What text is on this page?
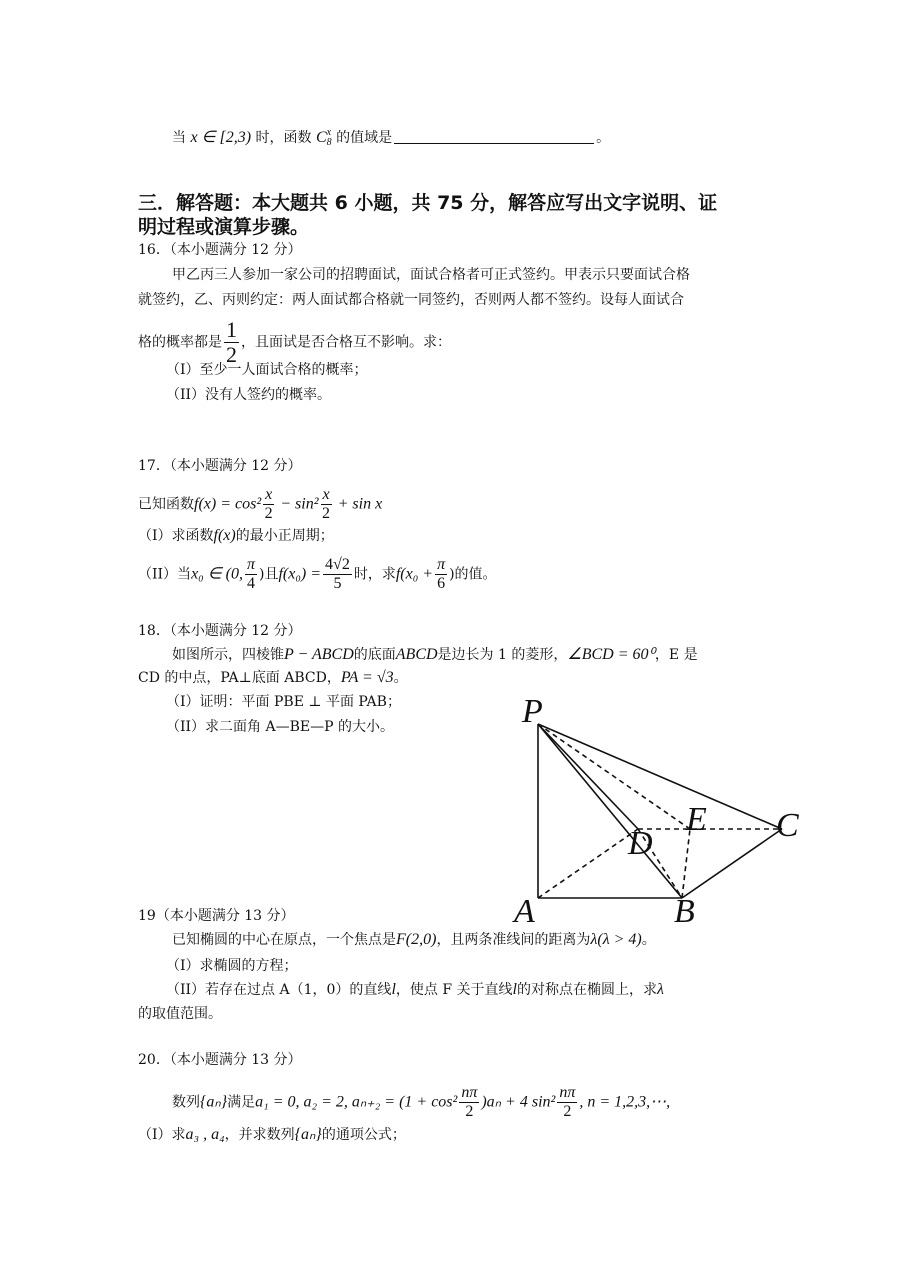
当 x ∈ [2,3) 时，函数 C x
8 的值域是	。
三．解答题：本大题共 6 小题，共 75 分，解答应写出文字说明、证
明过程或演算步骤。
16．（本小题满分 12 分）
甲乙丙三人参加一家公司的招聘面试，面试合格者可正式签约。甲表示只要面试合格
就签约，乙、丙则约定：两人面试都合格就一同签约，否则两人都不签约。设每人面试合
格的概率都是 $\frac{1}{2}$ ，且面试是否合格互不影响。求：
（I）至少一人面试合格的概率；
（II）没有人签约的概率。
17．（本小题满分 12 分）
已知函数$f(x) = \cos^2 \frac{x}{2} - \sin^2 \frac{x}{2} + \sin x$
（I）求函数f(x)的最小正周期；
（II）当x₀ ∈ (0, $\frac{\pi}{4}$ )且$f(x_0) = \frac{4√2}{5}$ 时，求$f(x_0 + \frac{\pi}{6}$ )的值。
18．（本小题满分 12 分）
如图所示，四棱锥P − ABCD的底面ABCD是边长为 1 的菱形，∠BCD = 60⁰，E 是
CD 的中点，PA⊥底面 ABCD，PA = √3。
（I）证明：平面 PBE ⊥ 平面 PAB；
（II）求二面角 A—BE—P 的大小。	P
A	B
C
D
E
19（本小题满分 13 分）
已知椭圆的中心在原点，一个焦点是F(2,0)，且两条准线间的距离为λ(λ > 4)。
（I）求椭圆的方程；
（II）若存在过点 A（1，0）的直线l，使点 F 关于直线l的对称点在椭圆上，求λ
的取值范围。
20．（本小题满分 13 分）
数列{aₙ}满足a₁ = 0, a₂ = 2, $a_{n+2} = (1 + \cos^2 \frac{n\pi}{2} )a_n + 4$ $\sin^2 \frac{n\pi}{2}$ , n = 1,2,3,⋯,
（I）求a₃ , a₄，并求数列{aₙ}的通项公式；
